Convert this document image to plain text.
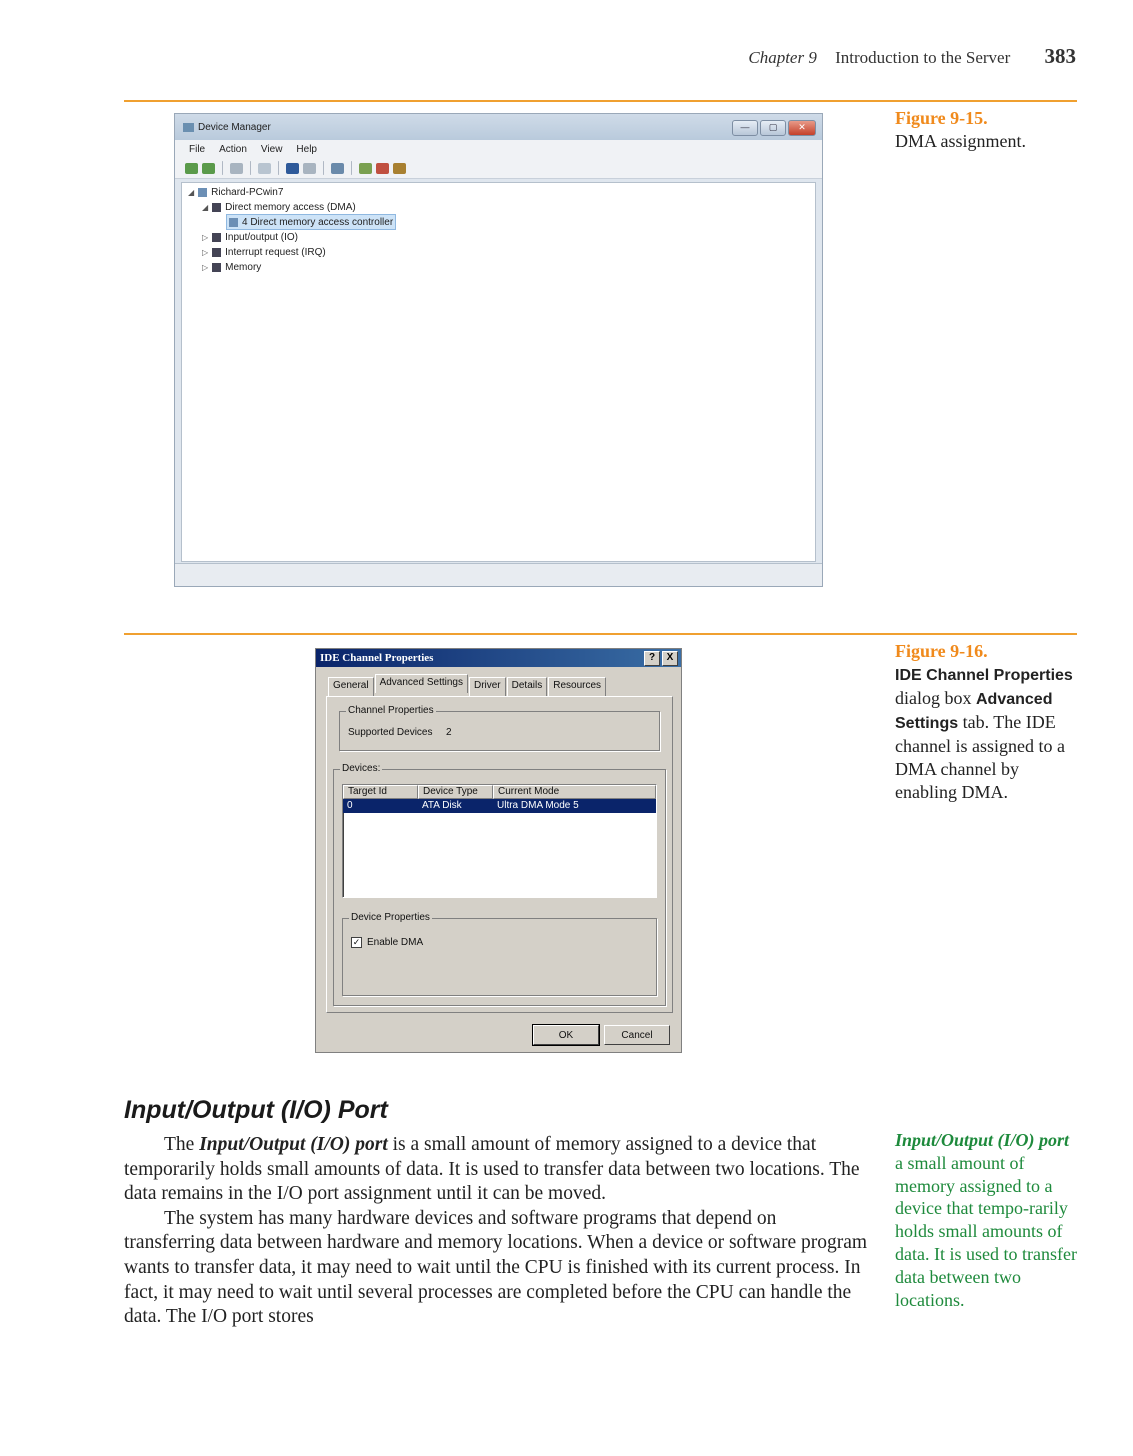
Chapter 9 Introduction to the Server 383
Figure 9-15.
DMA assignment.
Device Manager	—	▢	✕
File Action View Help
◢ Richard-PCwin7
◢ Direct memory access (DMA)
4 Direct memory access controller
▷ Input/output (IO)
▷ Interrupt request (IRQ)
▷ Memory
Figure 9-16.
IDE Channel Properties dialog box Advanced Settings tab. The IDE channel is assigned to a DMA channel by enabling DMA.
IDE Channel Properties	?	X
General	Advanced Settings	Driver	Details	Resources
Channel Properties
Supported Devices 2
Devices:
Target Id	Device Type	Current Mode
0	ATA Disk	Ultra DMA Mode 5
Device Properties
✓ Enable DMA
OK	Cancel
Input/Output (I/O) Port

The Input/Output (I/O) port is a small amount of memory assigned to a device that temporarily holds small amounts of data. It is used to transfer data between two locations. The data remains in the I/O port assignment until it can be moved.

The system has many hardware devices and software programs that depend on transferring data between hardware and memory locations. When a device or software program wants to transfer data, it may need to wait until the CPU is finished with its current process. In fact, it may need to wait until several processes are completed before the CPU can handle the data. The I/O port stores

Input/Output (I/O) port
a small amount of memory assigned to a device that tempo-rarily holds small amounts of data. It is used to transfer data between two locations.
